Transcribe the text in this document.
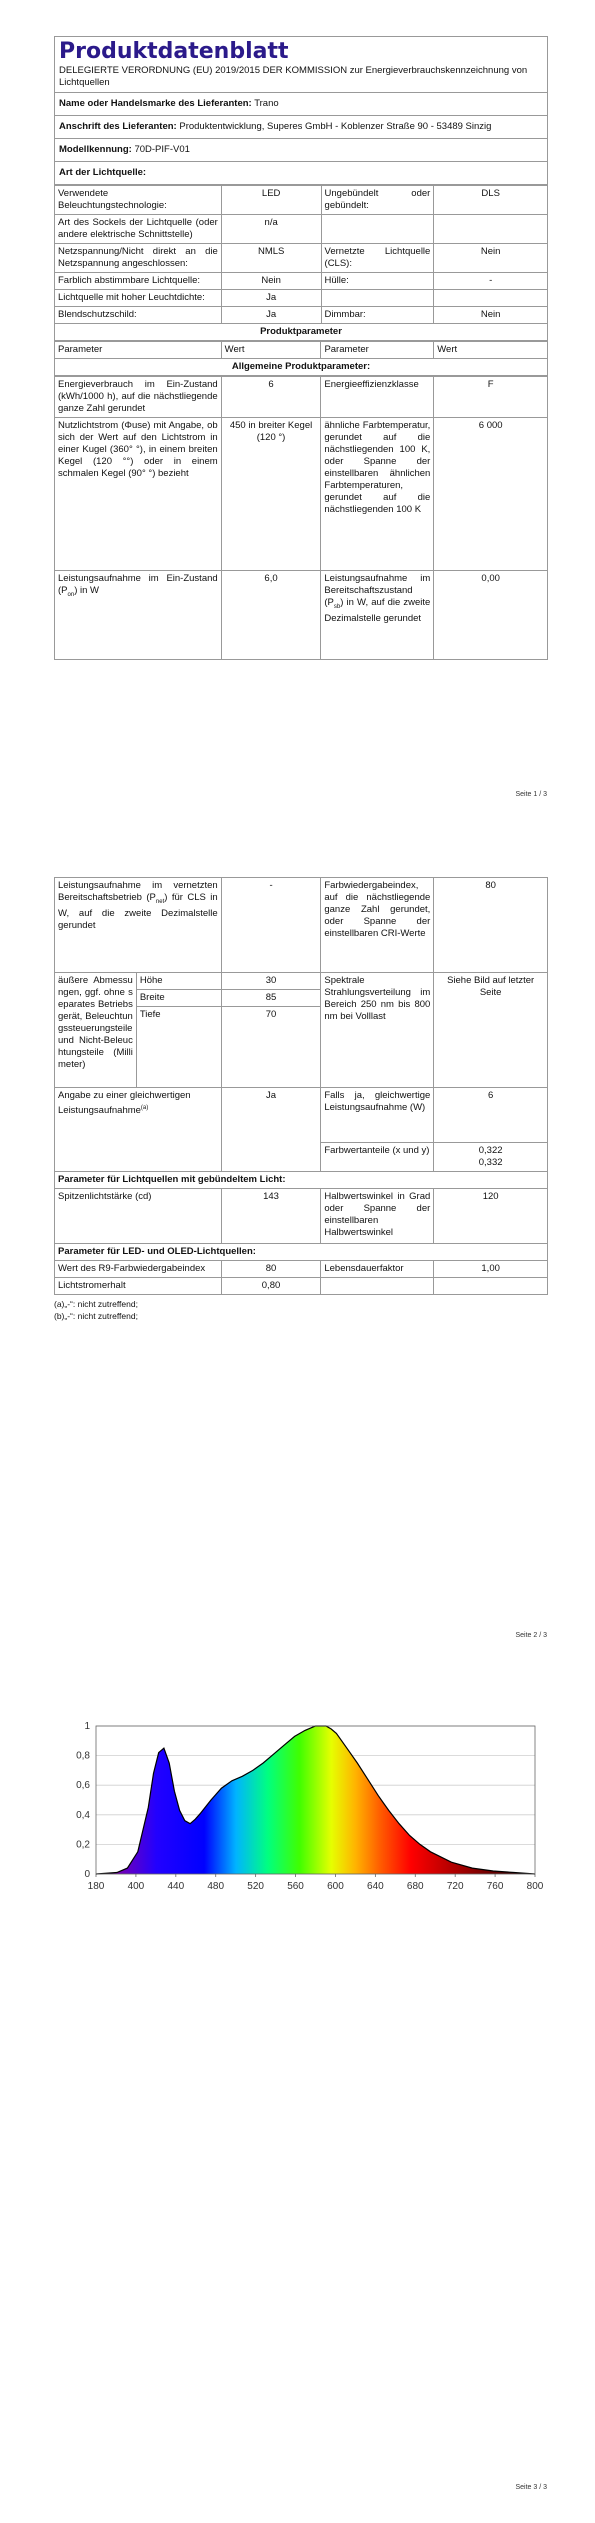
Produktdatenblatt
DELEGIERTE VERORDNUNG (EU) 2019/2015 DER KOMMISSION zur Energieverbrauchskennzeichnung von Lichtquellen
Name oder Handelsmarke des Lieferanten: Trano
Anschrift des Lieferanten: Produktentwicklung, Superes GmbH - Koblenzer Straße 90 - 53489 Sinzig
Modellkennung: 70D-PIF-V01
Art der Lichtquelle:
Verwendete Beleuchtungstechnologie:	LED	Ungebündelt oder gebündelt:	DLS
Art des Sockels der Lichtquelle (oder andere elektrische Schnittstelle)	n/a		
Netzspannung/Nicht direkt an die Netzspannung angeschlossen:	NMLS	Vernetzte Lichtquelle (CLS):	Nein
Farblich abstimmbare Lichtquelle:	Nein	Hülle:	-
Lichtquelle mit hoher Leuchtdichte:	Ja		
Blendschutzschild:	Ja	Dimmbar:	Nein
Produktparameter
Parameter	Wert	Parameter	Wert
Allgemeine Produktparameter:
Energieverbrauch im Ein-Zustand (kWh/1000 h), auf die nächstliegende ganze Zahl gerundet	6	Energieeffizienzklasse	F
Nutzlichtstrom (Φuse) mit Angabe, ob sich der Wert auf den Lichtstrom in einer Kugel (360° °), in einem breiten Kegel (120 °°) oder in einem schmalen Kegel (90° °) bezieht	450 in breiter Kegel (120 °)	ähnliche Farbtemperatur, gerundet auf die nächstliegenden 100 K, oder Spanne der einstellbaren ähnlichen Farbtemperaturen, gerundet auf die nächstliegenden 100 K	6 000
Leistungsaufnahme im Ein-Zustand $(P_{on})$ in W	6,0	Leistungsaufnahme im Bereitschaftszustand $(P_{sb})$ in W, auf die zweite Dezimalstelle gerundet	0,00
Seite 1 / 3
Leistungsaufnahme im vernetzten Bereitschaftsbetrieb $(P_{net})$ für CLS in W, auf die zweite Dezimalstelle gerundet		-	Farbwiedergabeindex, auf die nächstliegende ganze Zahl gerundet, oder Spanne der einstellbaren CRI-Werte	80
äußere Abmessungen, ggf. ohne separates Betriebsgerät, Beleuchtungssteuerungsteile und Nicht-Beleuchtungsteile (Millimeter)	Höhe	30	Spektrale Strahlungsverteilung im Bereich 250 nm bis 800 nm bei Volllast	Siehe Bild auf letzter Seite
	Breite	85		
	Tiefe	70		
Angabe zu einer gleichwertigen Leistungsaufnahme$^{(a)}$		Ja	Falls ja, gleichwertige Leistungsaufnahme (W)	6
			Farbwertanteile (x und y)	0,322
0,332

Parameter für Lichtquellen mit gebündeltem Licht:				
Spitzenlichtstärke (cd)		143	Halbwertswinkel in Grad oder Spanne der einstellbaren Halbwertswinkel	120
Parameter für LED- und OLED-Lichtquellen:				
Wert des R9-Farbwiedergabeindex		80	Lebensdauerfaktor	1,00
Lichtstromerhalt		0,80		
(a)„-“: nicht zutreffend;
(b)„-“: nicht zutreffend;
Seite 2 / 3
0
0,2
0,4
0,6
0,8
1
180 400 440 480 520 560 600 640 680 720 760 800
Seite 3 / 3
